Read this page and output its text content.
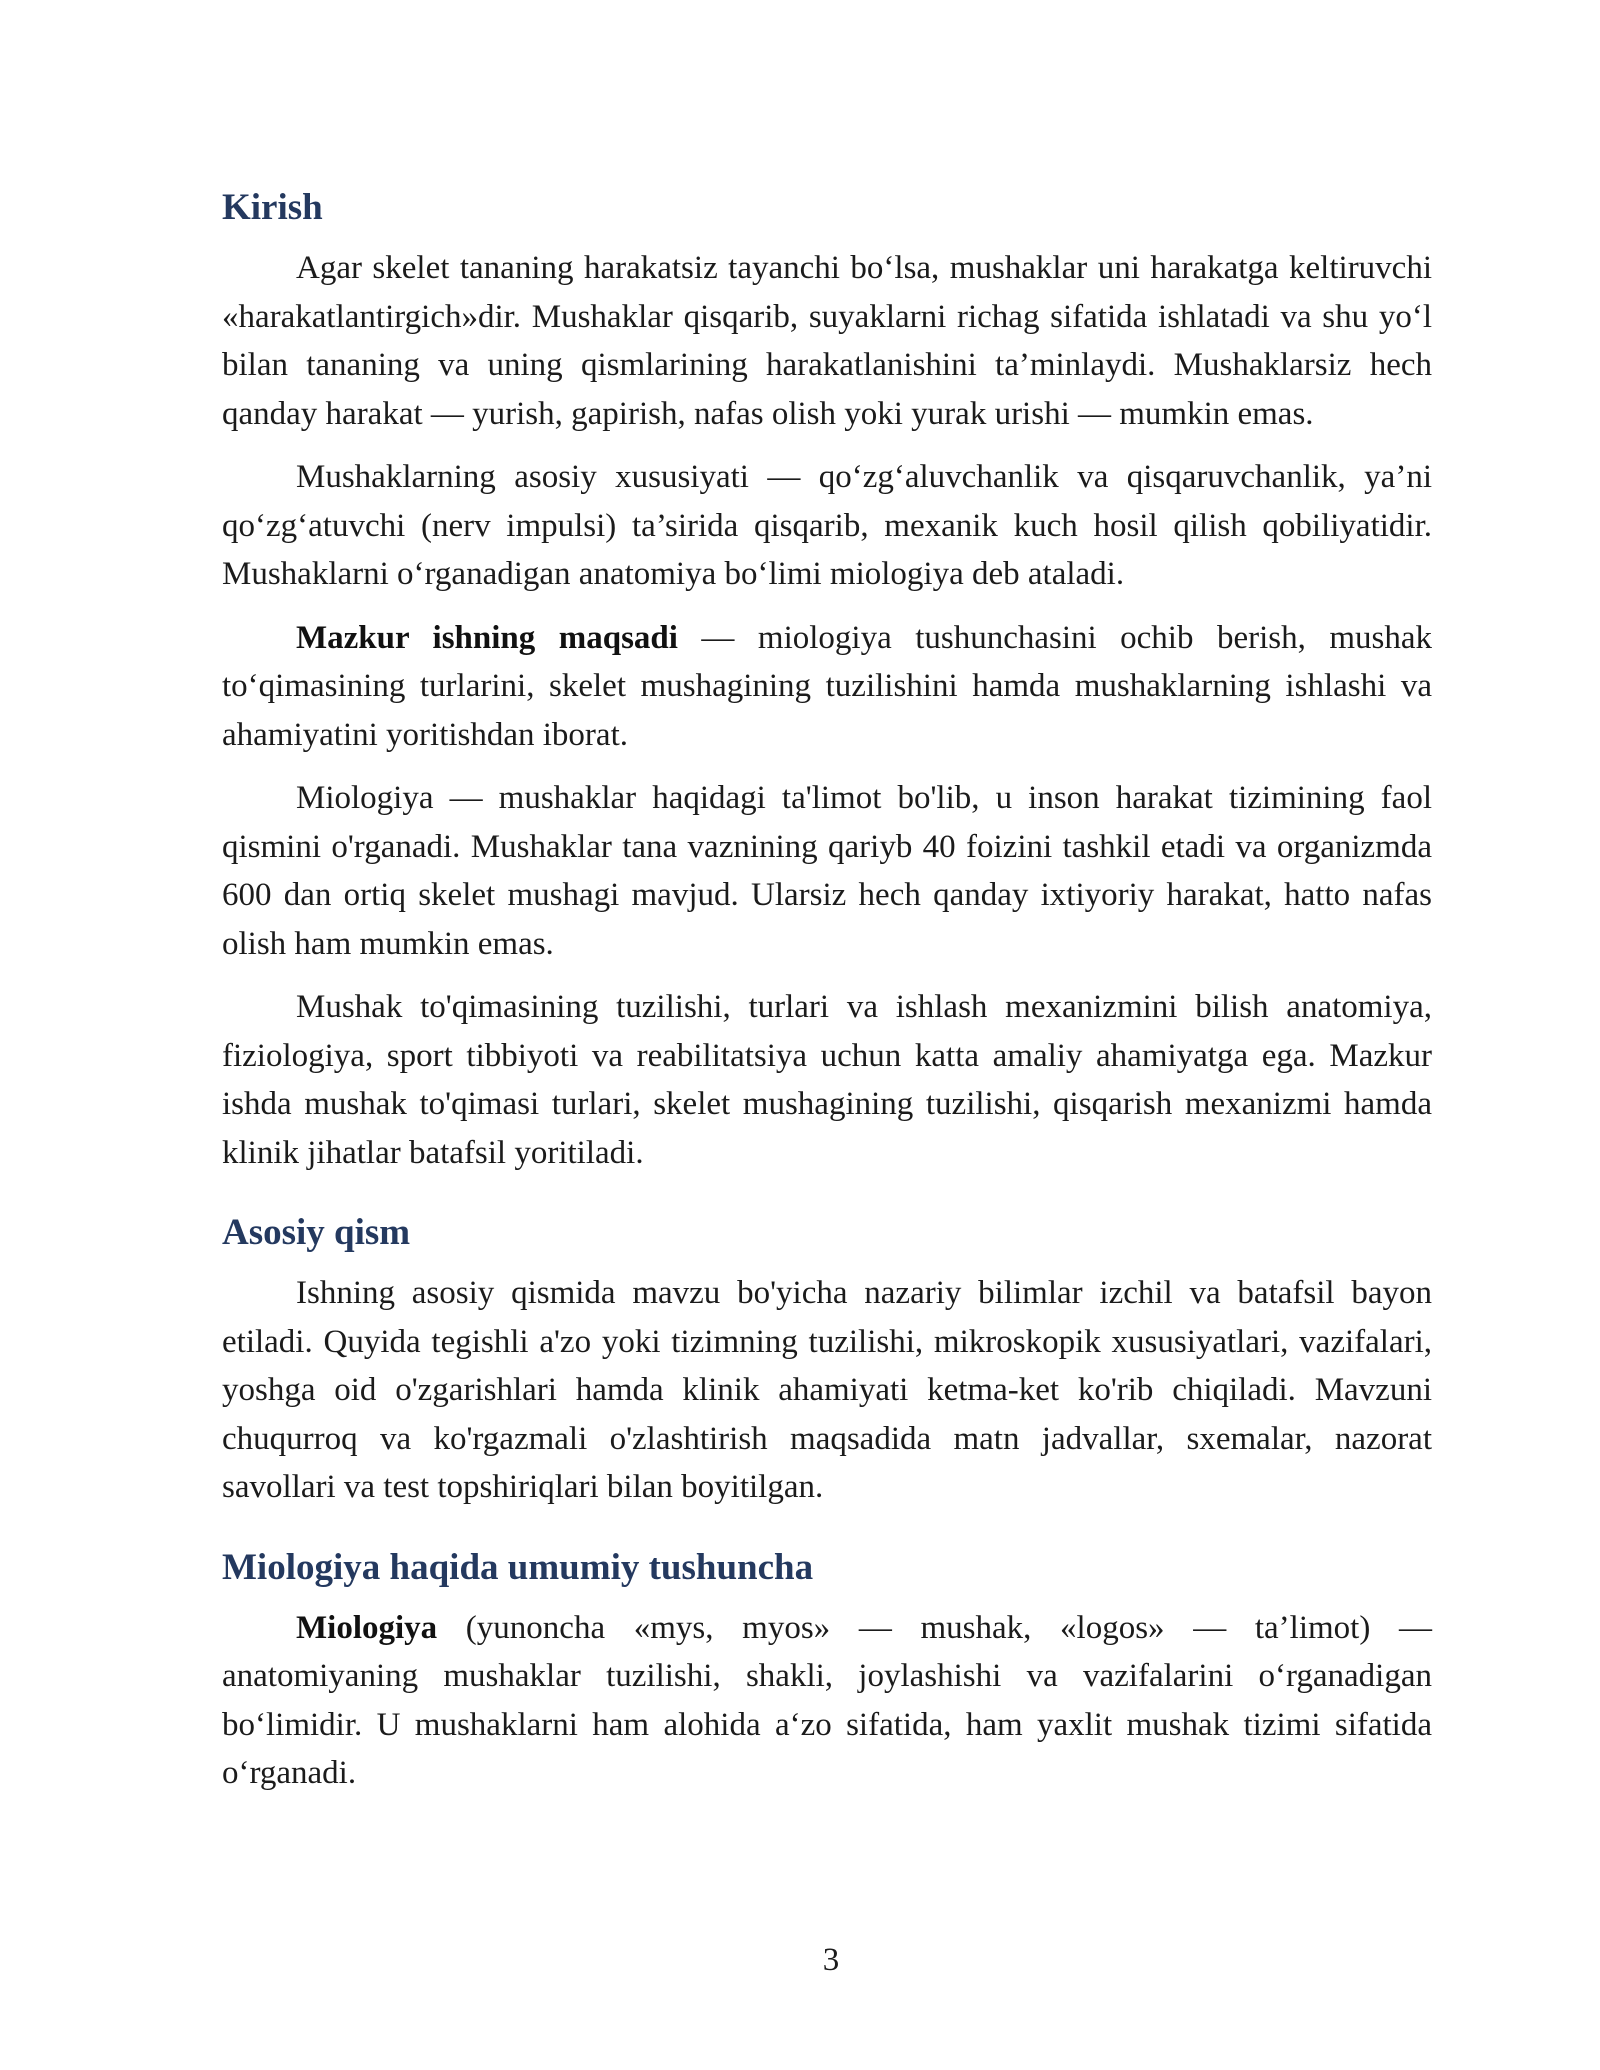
Kirish

Agar skelet tananing harakatsiz tayanchi bo‘lsa, mushaklar uni harakatga keltiruvchi «harakatlantirgich»dir. Mushaklar qisqarib, suyaklarni richag sifatida ishlatadi va shu yo‘l bilan tananing va uning qismlarining harakatlanishini ta’minlaydi. Mushaklarsiz hech qanday harakat — yurish, gapirish, nafas olish yoki yurak urishi — mumkin emas.

Mushaklarning asosiy xususiyati — qo‘zg‘aluvchanlik va qisqaruvchanlik, ya’ni qo‘zg‘atuvchi (nerv impulsi) ta’sirida qisqarib, mexanik kuch hosil qilish qobiliyatidir. Mushaklarni o‘rganadigan anatomiya bo‘limi miologiya deb ataladi.

Mazkur ishning maqsadi — miologiya tushunchasini ochib berish, mushak to‘qimasining turlarini, skelet mushagining tuzilishini hamda mushaklarning ishlashi va ahamiyatini yoritishdan iborat.

Miologiya — mushaklar haqidagi ta'limot bo'lib, u inson harakat tizimining faol qismini o'rganadi. Mushaklar tana vaznining qariyb 40 foizini tashkil etadi va organizmda 600 dan ortiq skelet mushagi mavjud. Ularsiz hech qanday ixtiyoriy harakat, hatto nafas olish ham mumkin emas.

Mushak to'qimasining tuzilishi, turlari va ishlash mexanizmini bilish anatomiya, fiziologiya, sport tibbiyoti va reabilitatsiya uchun katta amaliy ahamiyatga ega. Mazkur ishda mushak to'qimasi turlari, skelet mushagining tuzilishi, qisqarish mexanizmi hamda klinik jihatlar batafsil yoritiladi.

Asosiy qism

Ishning asosiy qismida mavzu bo'yicha nazariy bilimlar izchil va batafsil bayon etiladi. Quyida tegishli a'zo yoki tizimning tuzilishi, mikroskopik xususiyatlari, vazifalari, yoshga oid o'zgarishlari hamda klinik ahamiyati ketma-ket ko'rib chiqiladi. Mavzuni chuqurroq va ko'rgazmali o'zlashtirish maqsadida matn jadvallar, sxemalar, nazorat savollari va test topshiriqlari bilan boyitilgan.

Miologiya haqida umumiy tushuncha

Miologiya (yunoncha «mys, myos» — mushak, «logos» — ta’limot) — anatomiyaning mushaklar tuzilishi, shakli, joylashishi va vazifalarini o‘rganadigan bo‘limidir. U mushaklarni ham alohida a‘zo sifatida, ham yaxlit mushak tizimi sifatida o‘rganadi.

3
